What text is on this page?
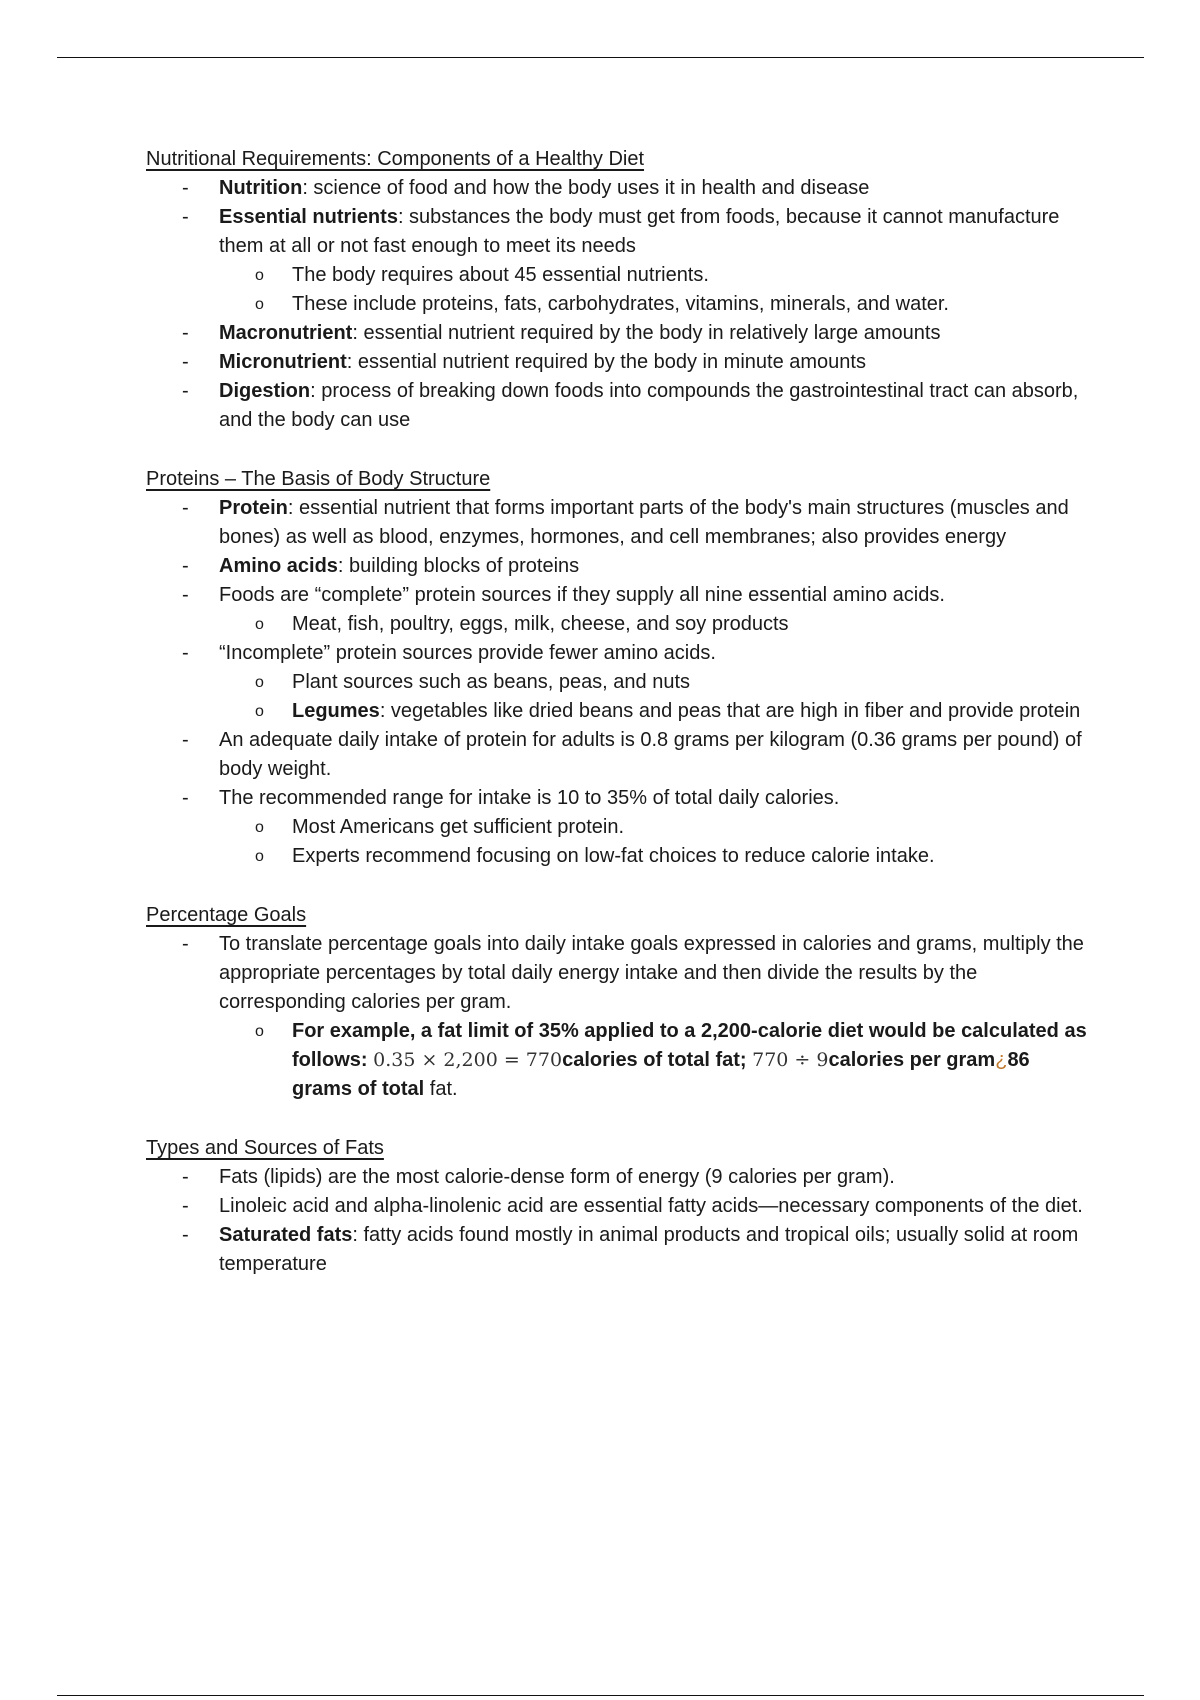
Nutritional Requirements: Components of a Healthy Diet
- Nutrition: science of food and how the body uses it in health and disease
- Essential nutrients: substances the body must get from foods, because it cannot manufacture them at all or not fast enough to meet its needs
o The body requires about 45 essential nutrients.
o These include proteins, fats, carbohydrates, vitamins, minerals, and water.
- Macronutrient: essential nutrient required by the body in relatively large amounts
- Micronutrient: essential nutrient required by the body in minute amounts
- Digestion: process of breaking down foods into compounds the gastrointestinal tract can absorb, and the body can use
Proteins – The Basis of Body Structure
- Protein: essential nutrient that forms important parts of the body's main structures (muscles and bones) as well as blood, enzymes, hormones, and cell membranes; also provides energy
- Amino acids: building blocks of proteins
- Foods are “complete” protein sources if they supply all nine essential amino acids.
o Meat, fish, poultry, eggs, milk, cheese, and soy products
- “Incomplete” protein sources provide fewer amino acids.
o Plant sources such as beans, peas, and nuts
o Legumes: vegetables like dried beans and peas that are high in fiber and provide protein
- An adequate daily intake of protein for adults is 0.8 grams per kilogram (0.36 grams per pound) of body weight.
- The recommended range for intake is 10 to 35% of total daily calories.
o Most Americans get sufficient protein.
o Experts recommend focusing on low-fat choices to reduce calorie intake.
Percentage Goals
- To translate percentage goals into daily intake goals expressed in calories and grams, multiply the appropriate percentages by total daily energy intake and then divide the results by the corresponding calories per gram.
o For example, a fat limit of 35% applied to a 2,200-calorie diet would be calculated as follows: 0.35 × 2,200 = 770calories of total fat; 770 ÷ 9calories per gram¿86 grams of total fat.
Types and Sources of Fats
- Fats (lipids) are the most calorie-dense form of energy (9 calories per gram).
- Linoleic acid and alpha-linolenic acid are essential fatty acids—necessary components of the diet.
- Saturated fats: fatty acids found mostly in animal products and tropical oils; usually solid at room temperature
